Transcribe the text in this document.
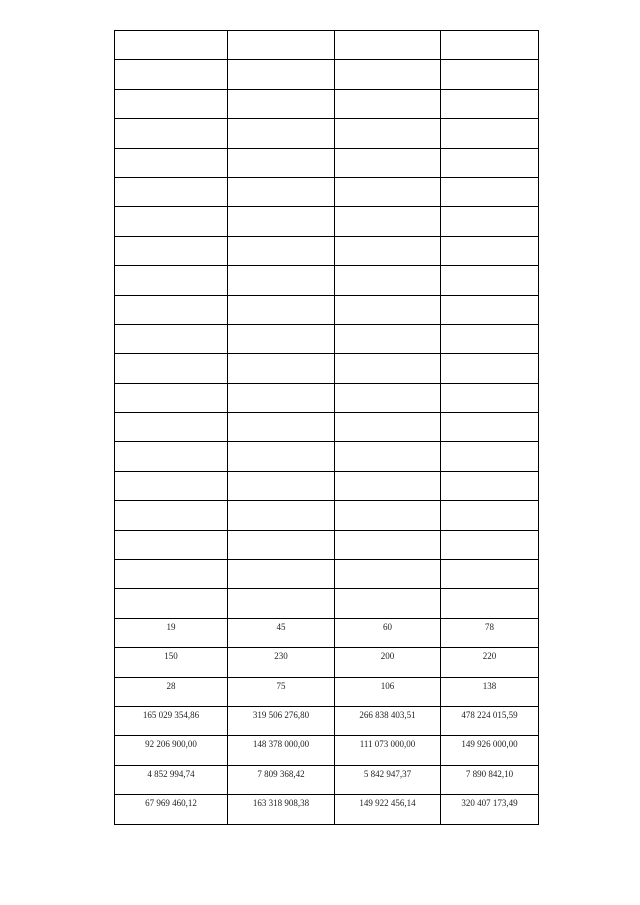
19	45	60	78
150	230	200	220
28	75	106	138
165 029 354,86	319 506 276,80	266 838 403,51	478 224 015,59
92 206 900,00	148 378 000,00	111 073 000,00	149 926 000,00
4 852 994,74	7 809 368,42	5 842 947,37	7 890 842,10
67 969 460,12	163 318 908,38	149 922 456,14	320 407 173,49
